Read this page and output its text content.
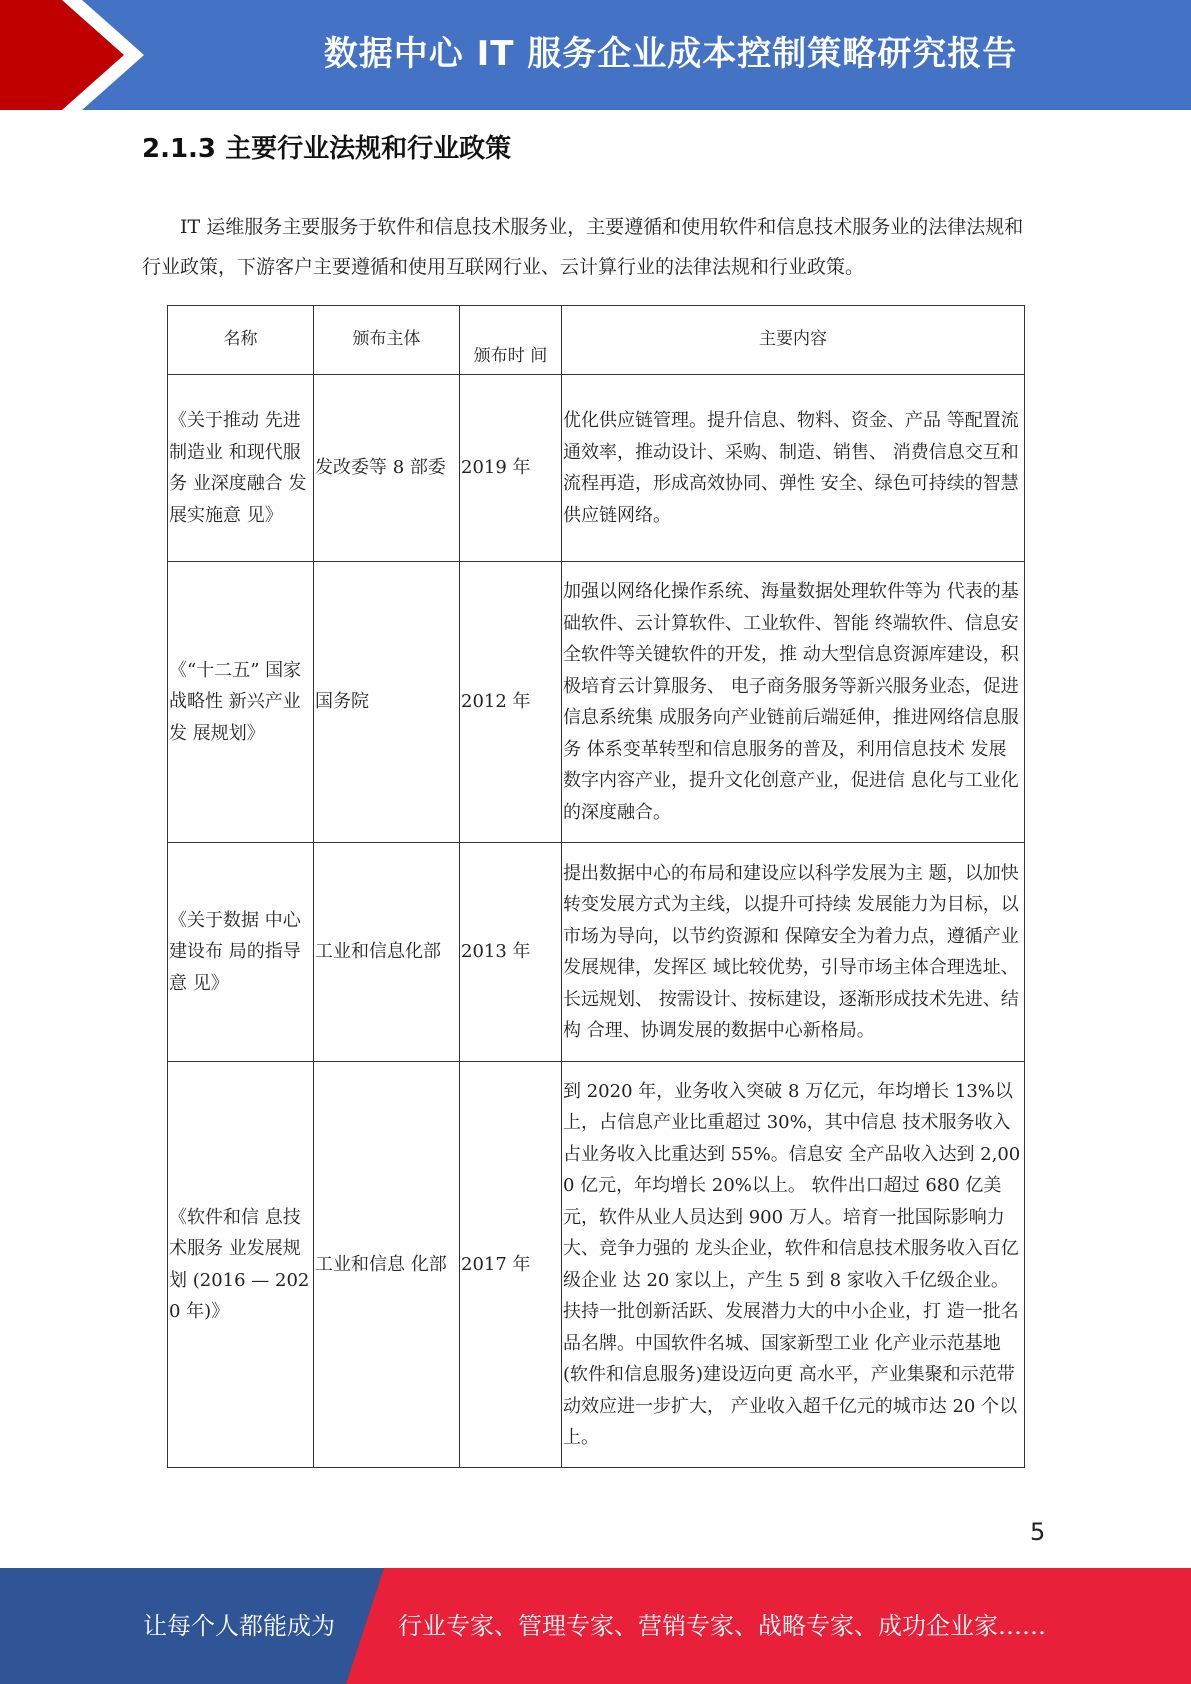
数据中心 IT 服务企业成本控制策略研究报告
2.1.3 主要行业法规和行业政策

IT 运维服务主要服务于软件和信息技术服务业，主要遵循和使用软件和信息技术服务业的法律法规和行业政策，下游客户主要遵循和使用互联网行业、云计算行业的法律法规和行业政策。

名称	颁布主体	颁布时 间	主要内容
《关于推动 先进制造业 和现代服务 业深度融合 发展实施意 见》	发改委等 8 部委	2019 年	优化供应链管理。提升信息、物料、资金、产品 等配置流通效率，推动设计、采购、制造、销售、 消费信息交互和流程再造，形成高效协同、弹性 安全、绿色可持续的智慧供应链网络。
《“十二五” 国家战略性 新兴产业发 展规划》	国务院	2012 年	加强以网络化操作系统、海量数据处理软件等为 代表的基础软件、云计算软件、工业软件、智能 终端软件、信息安全软件等关键软件的开发，推 动大型信息资源库建设，积极培育云计算服务、 电子商务服务等新兴服务业态，促进信息系统集 成服务向产业链前后端延伸，推进网络信息服务 体系变革转型和信息服务的普及，利用信息技术 发展数字内容产业，提升文化创意产业，促进信 息化与工业化的深度融合。
《关于数据 中心建设布 局的指导意 见》	工业和信息化部	2013 年	提出数据中心的布局和建设应以科学发展为主 题，以加快转变发展方式为主线，以提升可持续 发展能力为目标，以市场为导向，以节约资源和 保障安全为着力点，遵循产业发展规律，发挥区 域比较优势，引导市场主体合理选址、长远规划、 按需设计、按标建设，逐渐形成技术先进、结构 合理、协调发展的数据中心新格局。
《软件和信 息技术服务 业发展规划 (2016 — 2020 年)》	工业和信息 化部	2017 年	到 2020 年，业务收入突破 8 万亿元，年均增长 13%以上，占信息产业比重超过 30%，其中信息 技术服务收入占业务收入比重达到 55%。信息安 全产品收入达到 2,000 亿元，年均增长 20%以上。 软件出口超过 680 亿美元，软件从业人员达到 900 万人。培育一批国际影响力大、竞争力强的 龙头企业，软件和信息技术服务收入百亿级企业 达 20 家以上，产生 5 到 8 家收入千亿级企业。 扶持一批创新活跃、发展潜力大的中小企业，打 造一批名品名牌。中国软件名城、国家新型工业 化产业示范基地(软件和信息服务)建设迈向更 高水平，产业集聚和示范带动效应进一步扩大， 产业收入超千亿元的城市达 20 个以上。
5
让每个人都能成为	行业专家、管理专家、营销专家、战略专家、成功企业家……
